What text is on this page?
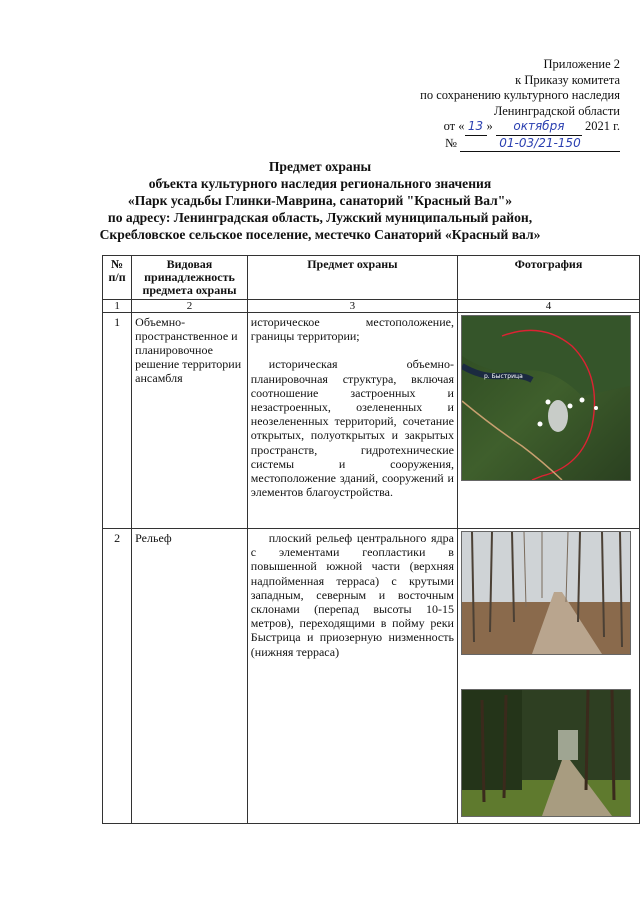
Приложение 2
к Приказу комитета
по сохранению культурного наследия
Ленинградской области
от « 13 » октября 2021 г.
№	01-03/21-150
Предмет охраны
объекта культурного наследия регионального значения
«Парк усадьбы Глинки-Маврина, санаторий "Красный Вал"»
по адресу: Ленинградская область, Лужский муниципальный район,
Скребловское сельское поселение, местечко Санаторий «Красный вал»
№ п/п	Видовая принадлежность предмета охраны	Предмет охраны	Фотография
1	2	3	4
1	Объемно-пространственное и планировочное решение территории ансамбля	историческое местоположение, границы территории;

историческая объемно-планировочная структура, включая соотношение застроенных и незастроенных, озелененных и неозелененных территорий, сочетание открытых, полуоткрытых и закрытых пространств, гидротехнические системы и сооружения, местоположение зданий, сооружений и элементов благоустройства.	р. Быстрица

2	Рельеф	плоский рельеф центрального ядра с элементами геопластики в повышенной южной части (верхняя надпойменная терраса) с крутыми западным, северным и восточным склонами (перепад высоты 10-15 метров), переходящими в пойму реки Быстрица и приозерную низменность (нижняя терраса)
